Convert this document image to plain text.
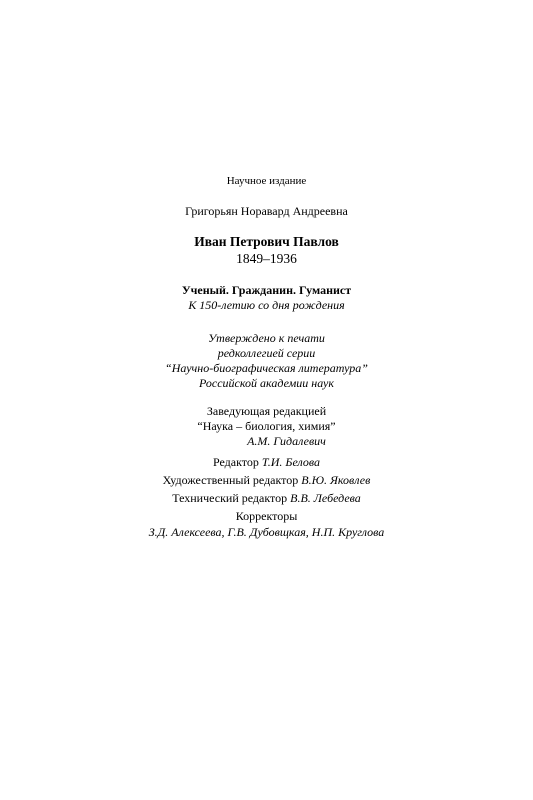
Научное издание
Григорьян Норавард Андреевна
Иван Петрович Павлов
1849–1936
Ученый. Гражданин. Гуманист
К 150-летию со дня рождения
Утверждено к печати
редколлегией серии
“Научно-биографическая литература”
Российской академии наук
Заведующая редакцией
“Наука – биология, химия”
А.М. Гидалевич
Редактор Т.И. Белова
Художественный редактор В.Ю. Яковлев
Технический редактор В.В. Лебедева
Корректоры
З.Д. Алексеева, Г.В. Дубовщкая, Н.П. Круглова
